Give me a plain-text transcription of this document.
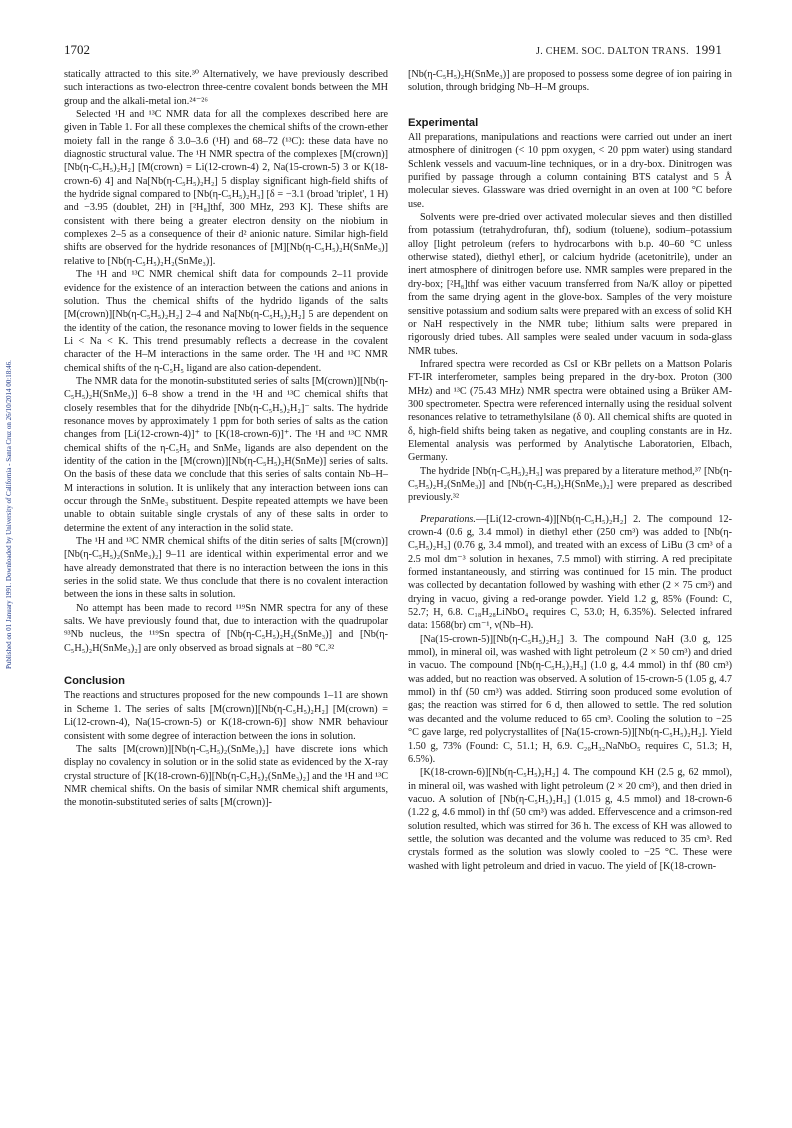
1702	J. CHEM. SOC. DALTON TRANS. 1991
Published on 01 January 1991. Downloaded by University of California - Santa Cruz on 26/10/2014 00:18:46.

statically attracted to this site.³⁰ Alternatively, we have previously described such interactions as two-electron three-centre covalent bonds between the MH group and the alkali-metal ion.²⁴⁻²⁶

Selected ¹H and ¹³C NMR data for all the complexes described here are given in Table 1. For all these complexes the chemical shifts of the crown-ether moiety fall in the range δ 3.0–3.6 (¹H) and 68–72 (¹³C): these data have no diagnostic structural value. The ¹H NMR spectra of the complexes [M(crown)][Nb(η-C₅H₅)₂H₂] [M(crown) = Li(12-crown-4) 2, Na(15-crown-5) 3 or K(18-crown-6) 4] and Na[Nb(η-C₅H₅)₂H₂] 5 display significant high-field shifts of the hydride signal compared to [Nb(η-C₅H₅)₂H₃] [δ = −3.1 (broad 'triplet', 1 H) and −3.95 (doublet, 2H) in [²H₈]thf, 300 MHz, 293 K]. These shifts are consistent with there being a greater electron density on the niobium in complexes 2–5 as a consequence of their d² anionic nature. Similar high-field shifts are observed for the hydride resonances of [M][Nb(η-C₅H₅)₂H(SnMe₃)] relative to [Nb(η-C₅H₅)₂H₂(SnMe₃)].

The ¹H and ¹³C NMR chemical shift data for compounds 2–11 provide evidence for the existence of an interaction between the cations and anions in solution. Thus the chemical shifts of the hydrido ligands of the salts [M(crown)][Nb(η-C₅H₅)₂H₂] 2–4 and Na[Nb(η-C₅H₅)₂H₂] 5 are dependent on the identity of the cation, the resonance moving to lower fields in the sequence Li < Na < K. This trend presumably reflects a decrease in the covalent character of the H–M interactions in the same order. The ¹H and ¹³C NMR chemical shifts of the η-C₅H₅ ligand are also cation-dependent.

The NMR data for the monotin-substituted series of salts [M(crown)][Nb(η-C₅H₅)₂H(SnMe₃)] 6–8 show a trend in the ¹H and ¹³C chemical shifts that closely resembles that for the dihydride [Nb(η-C₅H₅)₂H₂]⁻ salts. The hydride resonance moves by approximately 1 ppm for both series of salts as the cation changes from [Li(12-crown-4)]⁺ to [K(18-crown-6)]⁺. The ¹H and ¹³C NMR chemical shifts of the η-C₅H₅ and SnMe₃ ligands are also dependent on the identity of the cation in the [M(crown)][Nb(η-C₅H₅)₂H(SnMe)] series of salts. On the basis of these data we conclude that this series of salts contain Nb–H–M interactions in solution. It is unlikely that any interaction between ions can occur through the SnMe₃ substituent. Despite repeated attempts we have been unable to obtain suitable single crystals of any of these salts in order to determine the extent of any interaction in the solid state.

The ¹H and ¹³C NMR chemical shifts of the ditin series of salts [M(crown)][Nb(η-C₅H₅)₂(SnMe₃)₂] 9–11 are identical within experimental error and we have already demonstrated that there is no interaction between the ions in this series in the solid state. We thus conclude that there is no covalent interaction between the ions in these salts in solution.

No attempt has been made to record ¹¹⁹Sn NMR spectra for any of these salts. We have previously found that, due to interaction with the quadrupolar ⁹³Nb nucleus, the ¹¹⁹Sn spectra of [Nb(η-C₅H₅)₂H₂(SnMe₃)] and [Nb(η-C₅H₅)₂H(SnMe₃)₂] are only observed as broad signals at −80 °C.³²

Conclusion

The reactions and structures proposed for the new compounds 1–11 are shown in Scheme 1. The series of salts [M(crown)][Nb(η-C₅H₅)₂H₂] [M(crown) = Li(12-crown-4), Na(15-crown-5) or K(18-crown-6)] show NMR behaviour consistent with some degree of interaction between the ions in solution.

The salts [M(crown)][Nb(η-C₅H₅)₂(SnMe₃)₂] have discrete ions which display no covalency in solution or in the solid state as evidenced by the X-ray crystal structure of [K(18-crown-6)][Nb(η-C₅H₅)₂(SnMe₃)₂] and the ¹H and ¹³C NMR chemical shifts. On the basis of similar NMR chemical shift arguments, the monotin-substituted series of salts [M(crown)]-

[Nb(η-C₅H₅)₂H(SnMe₃)] are proposed to possess some degree of ion pairing in solution, through bridging Nb–H–M groups.

Experimental

All preparations, manipulations and reactions were carried out under an inert atmosphere of dinitrogen (< 10 ppm oxygen, < 20 ppm water) using standard Schlenk vessels and vacuum-line techniques, or in a dry-box. Dinitrogen was purified by passage through a column containing BTS catalyst and 5 Å molecular sieves. Glassware was dried overnight in an oven at 100 °C before use.

Solvents were pre-dried over activated molecular sieves and then distilled from potassium (tetrahydrofuran, thf), sodium (toluene), sodium–potassium alloy [light petroleum (refers to hydrocarbons with b.p. 40–60 °C unless otherwise stated), diethyl ether], or calcium hydride (acetonitrile), under an inert atmosphere of dinitrogen before use. NMR samples were prepared in the dry-box; [²H₈]thf was either vacuum transferred from Na/K alloy or pipetted from the same drying agent in the glove-box. Samples of the very moisture sensitive potassium and sodium salts were prepared with an excess of solid KH or NaH respectively in the NMR tube; lithium salts were prepared in rigorously dried tubes. All samples were sealed under vacuum in soda-glass NMR tubes.

Infrared spectra were recorded as CsI or KBr pellets on a Mattson Polaris FT-IR interferometer, samples being prepared in the dry-box. Proton (300 MHz) and ¹³C (75.43 MHz) NMR spectra were obtained using a Brüker AM-300 spectrometer. Spectra were referenced internally using the residual solvent resonances relative to tetramethylsilane (δ 0). All chemical shifts are quoted in δ, high-field shifts being taken as negative, and coupling constants are in Hz. Elemental analysis was performed by Analytische Laboratorien, Elbach, Germany.

The hydride [Nb(η-C₅H₅)₂H₃] was prepared by a literature method,³⁷ [Nb(η-C₅H₅)₂H₂(SnMe₃)] and [Nb(η-C₅H₅)₂H(SnMe₃)₂] were prepared as described previously.³²

Preparations.—[Li(12-crown-4)][Nb(η-C₅H₅)₂H₂] 2. The compound 12-crown-4 (0.6 g, 3.4 mmol) in diethyl ether (250 cm³) was added to [Nb(η-C₅H₅)₂H₃] (0.76 g, 3.4 mmol), and treated with an excess of LiBu (3 cm³ of a 2.5 mol dm⁻³ solution in hexanes, 7.5 mmol) with stirring. A red precipitate formed instantaneously, and stirring was continued for 15 min. The product was collected by decantation followed by washing with ether (2 × 75 cm³) and drying in vacuo, giving a red-orange powder. Yield 1.2 g, 85% (Found: C, 52.7; H, 6.8. C₁₈H₂₈LiNbO₄ requires C, 53.0; H, 6.35%). Selected infrared data: 1568(br) cm⁻¹, ν(Nb–H).

[Na(15-crown-5)][Nb(η-C₅H₅)₂H₂] 3. The compound NaH (3.0 g, 125 mmol), in mineral oil, was washed with light petroleum (2 × 50 cm³) and dried in vacuo. The compound [Nb(η-C₅H₅)₂H₃] (1.0 g, 4.4 mmol) in thf (80 cm³) was added, but no reaction was observed. A solution of 15-crown-5 (1.05 g, 4.7 mmol) in thf (50 cm³) was added. Stirring soon produced some evolution of gas; the reaction was stirred for 6 d, then allowed to settle. The red solution was decanted and the volume reduced to 65 cm³. Cooling the solution to −25 °C gave large, red polycrystallites of [Na(15-crown-5)][Nb(η-C₅H₅)₂H₂]. Yield 1.50 g, 73% (Found: C, 51.1; H, 6.9. C₂₀H₃₂NaNbO₅ requires C, 51.3; H, 6.5%).

[K(18-crown-6)][Nb(η-C₅H₅)₂H₂] 4. The compound KH (2.5 g, 62 mmol), in mineral oil, was washed with light petroleum (2 × 20 cm³), and then dried in vacuo. A solution of [Nb(η-C₅H₅)₂H₃] (1.015 g, 4.5 mmol) and 18-crown-6 (1.22 g, 4.6 mmol) in thf (50 cm³) was added. Effervescence and a crimson-red solution resulted, which was stirred for 36 h. The excess of KH was allowed to settle, the solution was decanted and the volume was reduced to 35 cm³. Red crystals formed as the solution was slowly cooled to −25 °C. These were washed with light petroleum and dried in vacuo. The yield of [K(18-crown-
